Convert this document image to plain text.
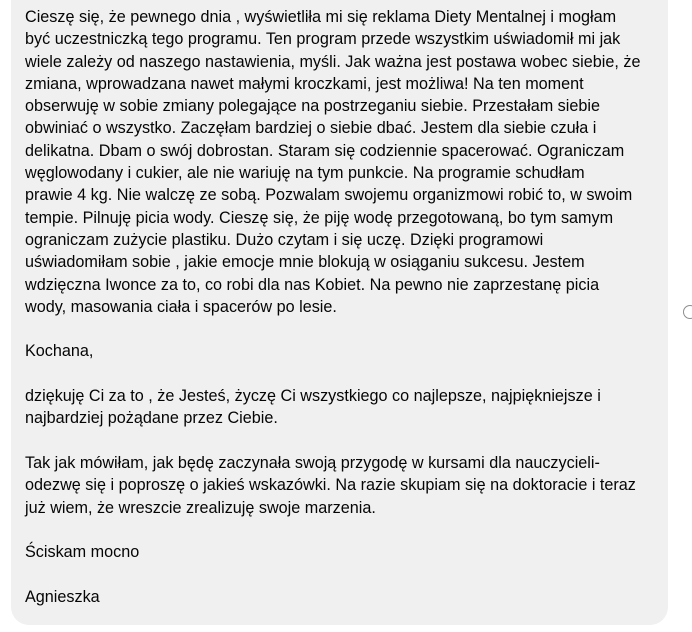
Cieszę się, że pewnego dnia , wyświetliła mi się reklama Diety Mentalnej i mogłam
być uczestniczką tego programu. Ten program przede wszystkim uświadomił mi jak
wiele zależy od naszego nastawienia, myśli. Jak ważna jest postawa wobec siebie, że
zmiana, wprowadzana nawet małymi kroczkami, jest możliwa! Na ten moment
obserwuję w sobie zmiany polegające na postrzeganiu siebie. Przestałam siebie
obwiniać o wszystko. Zaczęłam bardziej o siebie dbać. Jestem dla siebie czuła i
delikatna. Dbam o swój dobrostan. Staram się codziennie spacerować. Ograniczam
węglowodany i cukier, ale nie wariuję na tym punkcie. Na programie schudłam
prawie 4 kg. Nie walczę ze sobą. Pozwalam swojemu organizmowi robić to, w swoim
tempie. Pilnuję picia wody. Cieszę się, że piję wodę przegotowaną, bo tym samym
ograniczam zużycie plastiku. Dużo czytam i się uczę. Dzięki programowi
uświadomiłam sobie , jakie emocje mnie blokują w osiąganiu sukcesu. Jestem
wdzięczna Iwonce za to, co robi dla nas Kobiet. Na pewno nie zaprzestanę picia
wody, masowania ciała i spacerów po lesie.

Kochana,

dziękuję Ci za to , że Jesteś, życzę Ci wszystkiego co najlepsze, najpiękniejsze i
najbardziej pożądane przez Ciebie.

Tak jak mówiłam, jak będę zaczynała swoją przygodę w kursami dla nauczycieli-
odezwę się i poproszę o jakieś wskazówki. Na razie skupiam się na doktoracie i teraz
już wiem, że wreszcie zrealizuję swoje marzenia.

Ściskam mocno

Agnieszka
